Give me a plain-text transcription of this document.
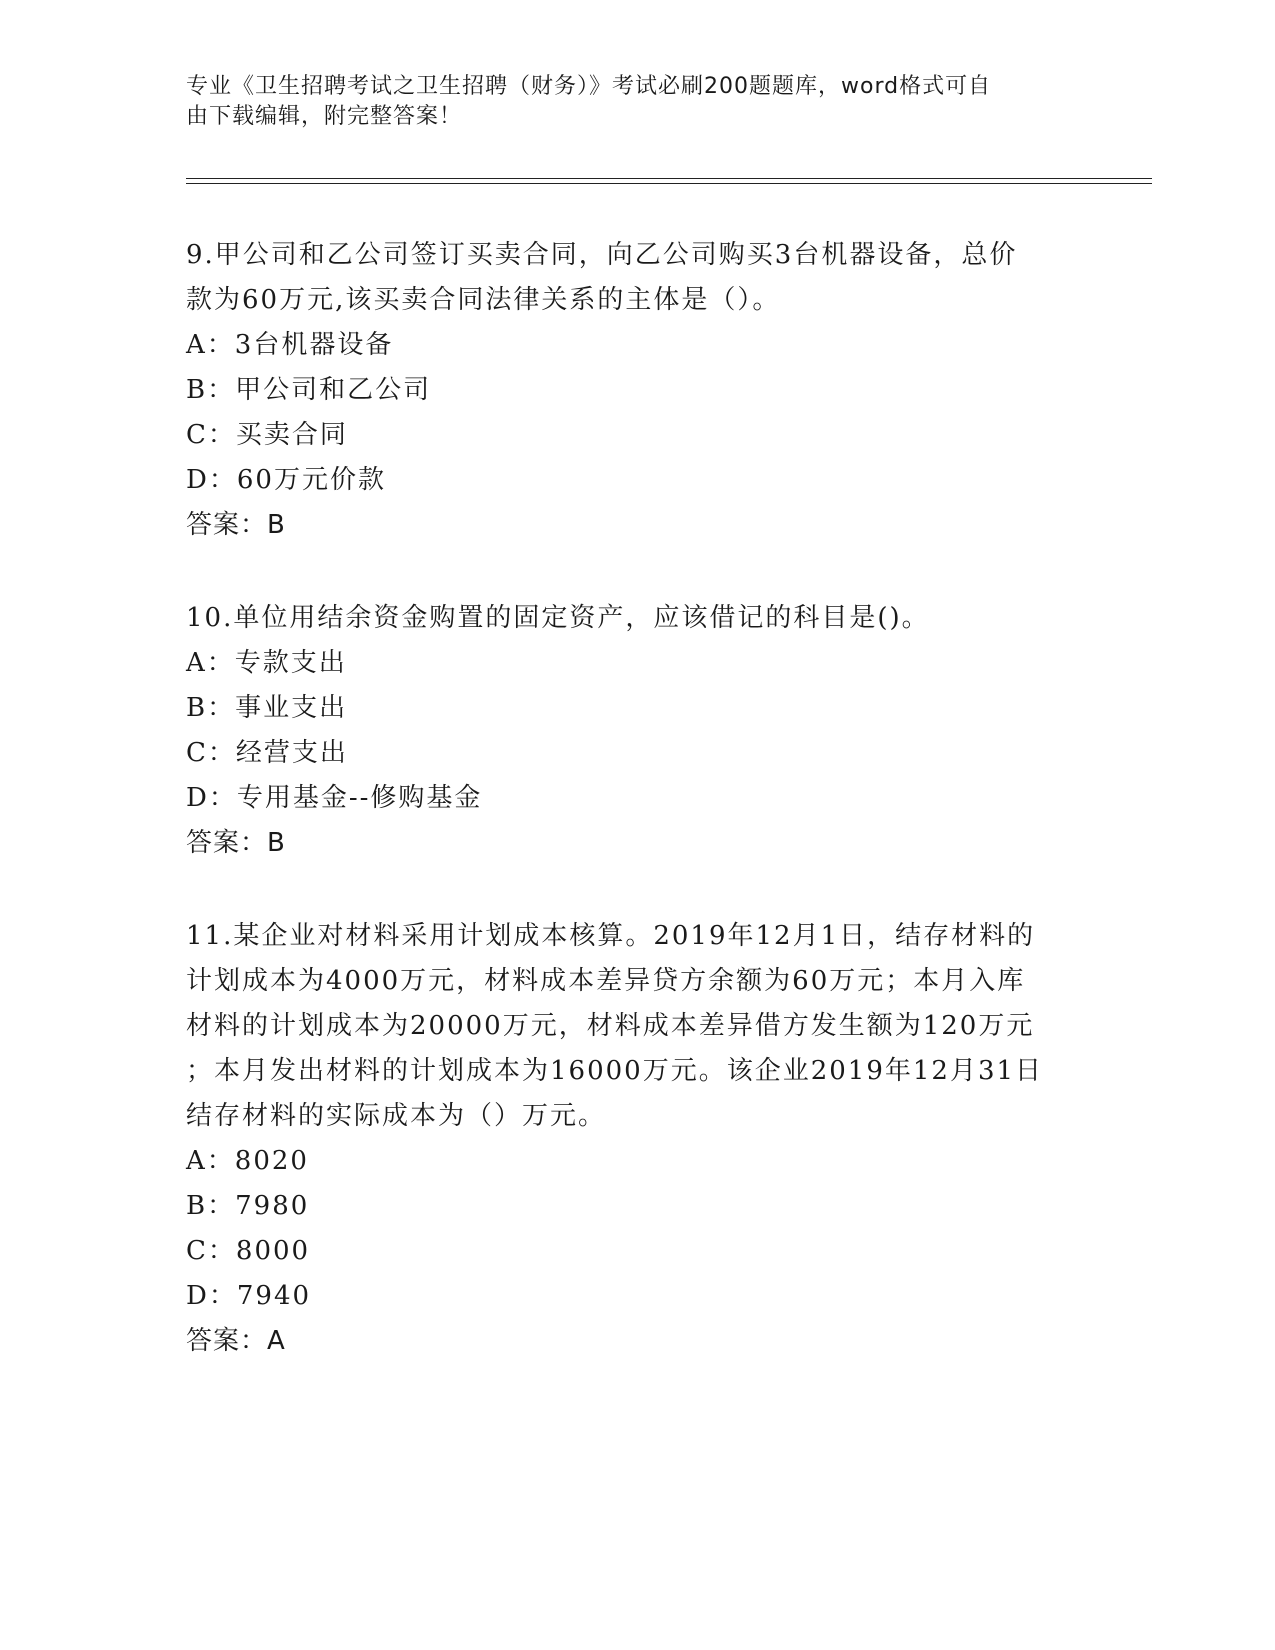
专业《卫生招聘考试之卫生招聘（财务）》考试必刷200题题库，word格式可自
由下载编辑，附完整答案！

9.甲公司和乙公司签订买卖合同，向乙公司购买3台机器设备，总价

款为60万元,该买卖合同法律关系的主体是（）。

A： 3台机器设备

B： 甲公司和乙公司

C： 买卖合同

D： 60万元价款

答案：B

10.单位用结余资金购置的固定资产，应该借记的科目是()。

A： 专款支出

B： 事业支出

C： 经营支出

D： 专用基金--修购基金

答案：B

11.某企业对材料采用计划成本核算。2019年12月1日，结存材料的

计划成本为4000万元，材料成本差异贷方余额为60万元；本月入库

材料的计划成本为20000万元，材料成本差异借方发生额为120万元

；本月发出材料的计划成本为16000万元。该企业2019年12月31日

结存材料的实际成本为（）万元。

A： 8020

B： 7980

C： 8000

D： 7940

答案：A
